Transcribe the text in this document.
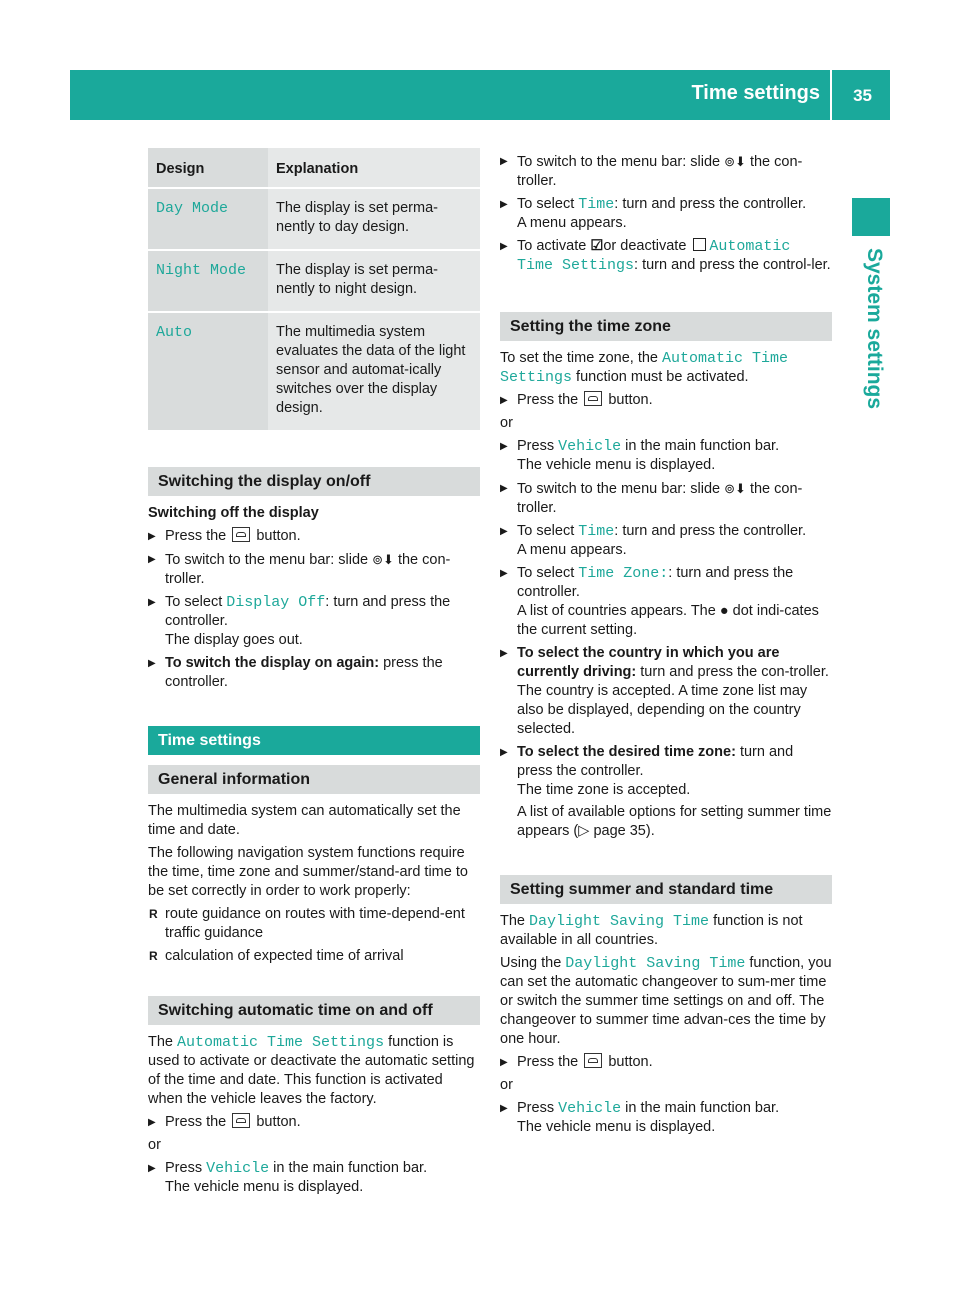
Time settings 35
System settings
Design	Explanation
Day Mode	The display is set perma-nently to day design.
Night Mode	The display is set perma-nently to night design.
Auto	The multimedia system evaluates the data of the light sensor and automat-ically switches over the display design.
Switching the display on/off
Switching off the display
▶ Press the button.
▶ To switch to the menu bar: slide ⊚⬇ the con-troller.
▶ To select Display Off: turn and press the controller.
The display goes out.
▶ To switch the display on again: press the controller.
Time settings
General information

The multimedia system can automatically set the time and date.

The following navigation system functions require the time, time zone and summer/stand-ard time to be set correctly in order to work properly:

R route guidance on routes with time-depend-ent traffic guidance
R calculation of expected time of arrival
Switching automatic time on and off

The Automatic Time Settings function is used to activate or deactivate the automatic setting of the time and date. This function is activated when the vehicle leaves the factory.

▶ Press the button.

or

▶ Press Vehicle in the main function bar.
The vehicle menu is displayed.
▶ To switch to the menu bar: slide ⊚⬇ the con-troller.
▶ To select Time: turn and press the controller.
A menu appears.
▶ To activate ☑or deactivate Automatic Time Settings: turn and press the control-ler.
Setting the time zone

To set the time zone, the Automatic Time Settings function must be activated.

▶ Press the button.

or

▶ Press Vehicle in the main function bar.
The vehicle menu is displayed.
▶ To switch to the menu bar: slide ⊚⬇ the con-troller.
▶ To select Time: turn and press the controller.
A menu appears.
▶ To select Time Zone:: turn and press the controller.
A list of countries appears. The ● dot indi-cates the current setting.
▶ To select the country in which you are currently driving: turn and press the con-troller.
The country is accepted. A time zone list may also be displayed, depending on the country selected.
▶ To select the desired time zone: turn and press the controller.
The time zone is accepted.

A list of available options for setting summer time appears (▷ page 35).
Setting summer and standard time

The Daylight Saving Time function is not available in all countries.

Using the Daylight Saving Time function, you can set the automatic changeover to sum-mer time or switch the summer time settings on and off. The changeover to summer time advan-ces the time by one hour.

▶ Press the button.

or

▶ Press Vehicle in the main function bar.
The vehicle menu is displayed.
